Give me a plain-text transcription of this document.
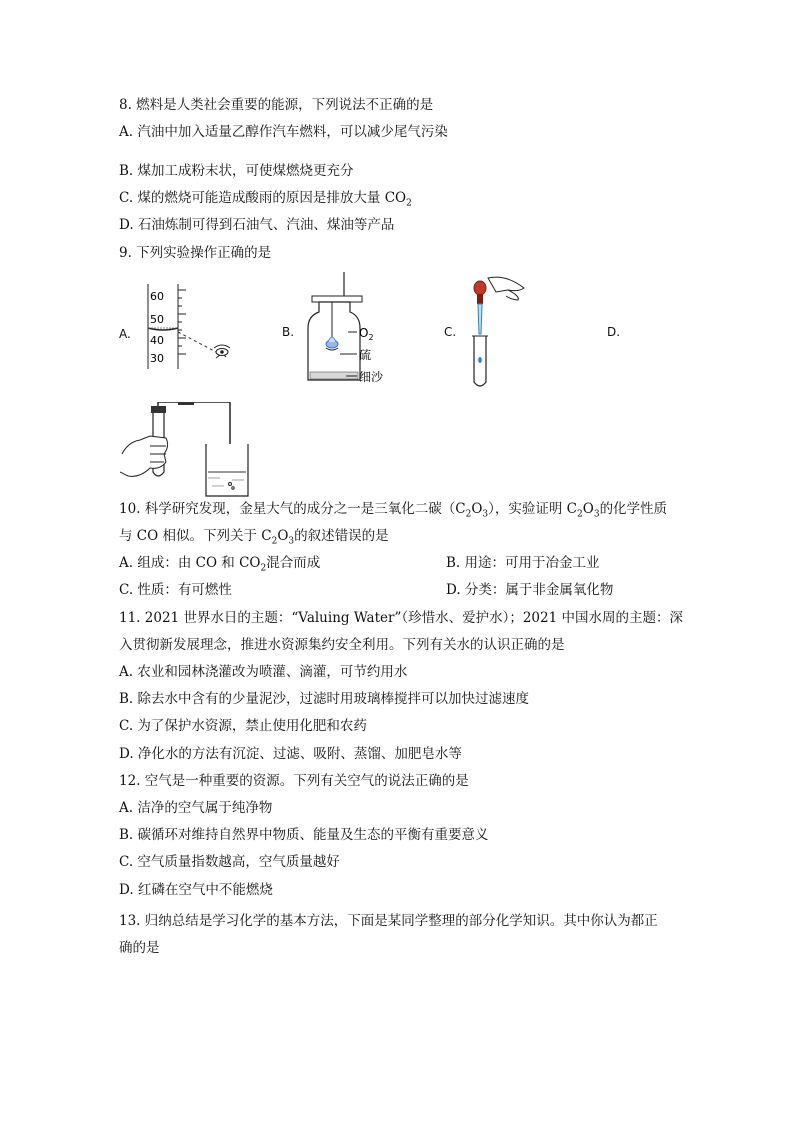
8. 燃料是人类社会重要的能源，下列说法不正确的是
A. 汽油中加入适量乙醇作汽车燃料，可以减少尾气污染
B. 煤加工成粉末状，可使煤燃烧更充分
C. 煤的燃烧可能造成酸雨的原因是排放大量 $CO_2$
D. 石油炼制可得到石油气、汽油、煤油等产品
9. 下列实验操作正确的是
A.	B.	C.	D.
60
50
40
30
$O_2$
硫
细沙
10. 科学研究发现，金星大气的成分之一是三氧化二碳$(C_2O_3)$，实验证明 $C_2O_3$的化学性质
与 CO 相似。下列关于 $C_2O_3$的叙述错误的是
A. 组成：由 CO 和 $CO_2$混合而成	B. 用途：可用于冶金工业
C. 性质：有可燃性	D. 分类：属于非金属氧化物
11. 2021 世界水日的主题：“Valuing Water”（珍惜水、爱护水）；2021 中国水周的主题：深
入贯彻新发展理念，推进水资源集约安全利用。下列有关水的认识正确的是
A. 农业和园林浇灌改为喷灌、滴灌，可节约用水
B. 除去水中含有的少量泥沙，过滤时用玻璃棒搅拌可以加快过滤速度
C. 为了保护水资源，禁止使用化肥和农药
D. 净化水的方法有沉淀、过滤、吸附、蒸馏、加肥皂水等
12. 空气是一种重要的资源。下列有关空气的说法正确的是
A. 洁净的空气属于纯净物
B. 碳循环对维持自然界中物质、能量及生态的平衡有重要意义
C. 空气质量指数越高，空气质量越好
D. 红磷在空气中不能燃烧
13. 归纳总结是学习化学的基本方法，下面是某同学整理的部分化学知识。其中你认为都正
确的是
